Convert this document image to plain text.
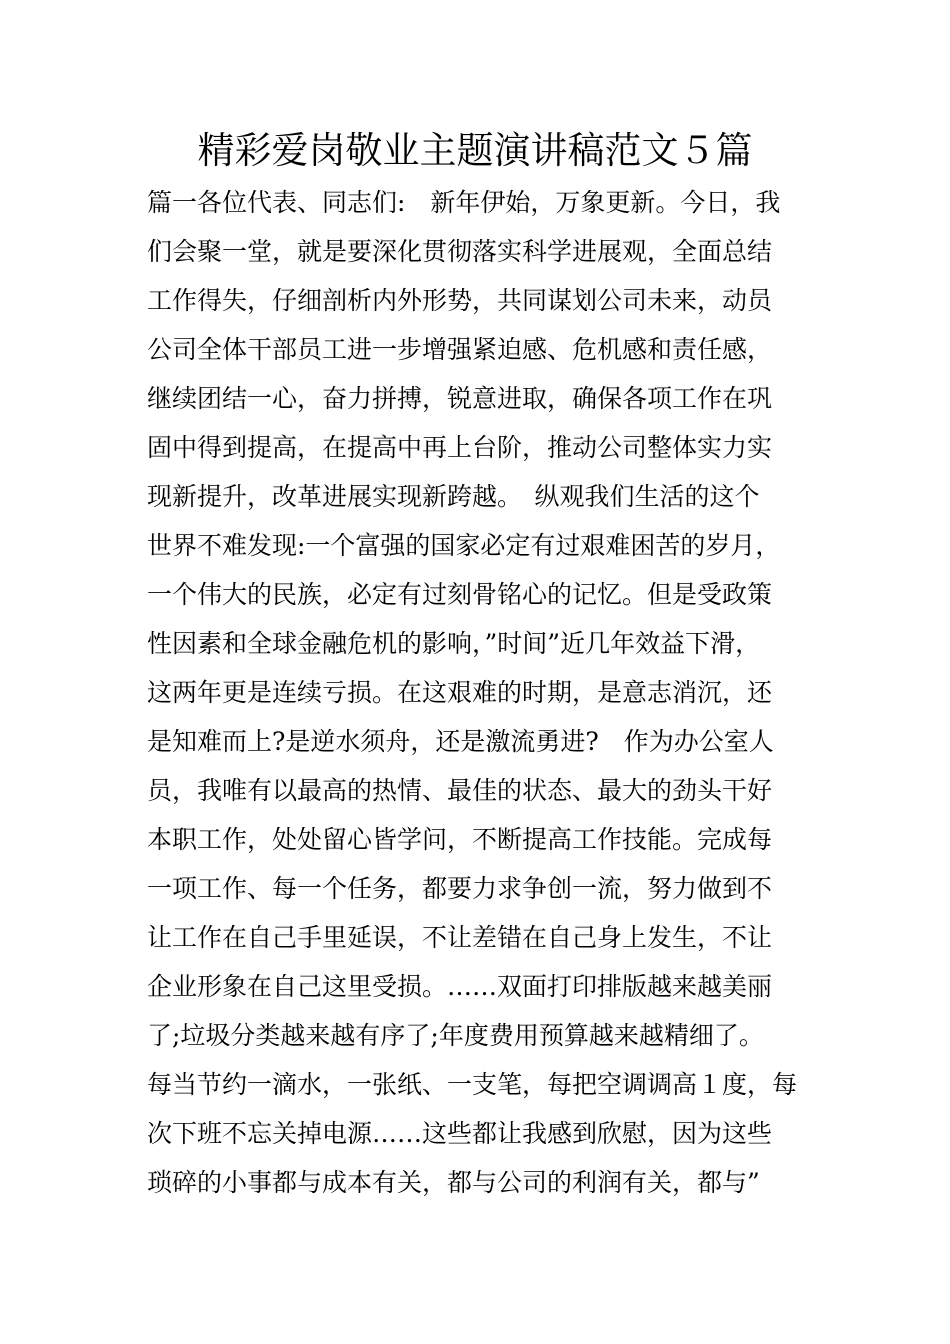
精彩爱岗敬业主题演讲稿范文５篇
篇一各位代表、同志们:　新年伊始，万象更新。今日，我
们会聚一堂，就是要深化贯彻落实科学进展观，全面总结
工作得失，仔细剖析内外形势，共同谋划公司未来，动员
公司全体干部员工进一步增强紧迫感、危机感和责任感，
继续团结一心，奋力拼搏，锐意进取，确保各项工作在巩
固中得到提高，在提高中再上台阶，推动公司整体实力实
现新提升，改革进展实现新跨越。　纵观我们生活的这个
世界不难发现:一个富强的国家必定有过艰难困苦的岁月，
一个伟大的民族，必定有过刻骨铭心的记忆。但是受政策
性因素和全球金融危机的影响，”时间”近几年效益下滑，
这两年更是连续亏损。在这艰难的时期，是意志消沉，还
是知难而上?是逆水须舟，还是激流勇进?　作为办公室人
员，我唯有以最高的热情、最佳的状态、最大的劲头干好
本职工作，处处留心皆学问，不断提高工作技能。完成每
一项工作、每一个任务，都要力求争创一流，努力做到不
让工作在自己手里延误，不让差错在自己身上发生，不让
企业形象在自己这里受损。……双面打印排版越来越美丽
了;垃圾分类越来越有序了;年度费用预算越来越精细了。
每当节约一滴水，一张纸、一支笔，每把空调调高１度，每
次下班不忘关掉电源……这些都让我感到欣慰，因为这些
琐碎的小事都与成本有关，都与公司的利润有关，都与”
